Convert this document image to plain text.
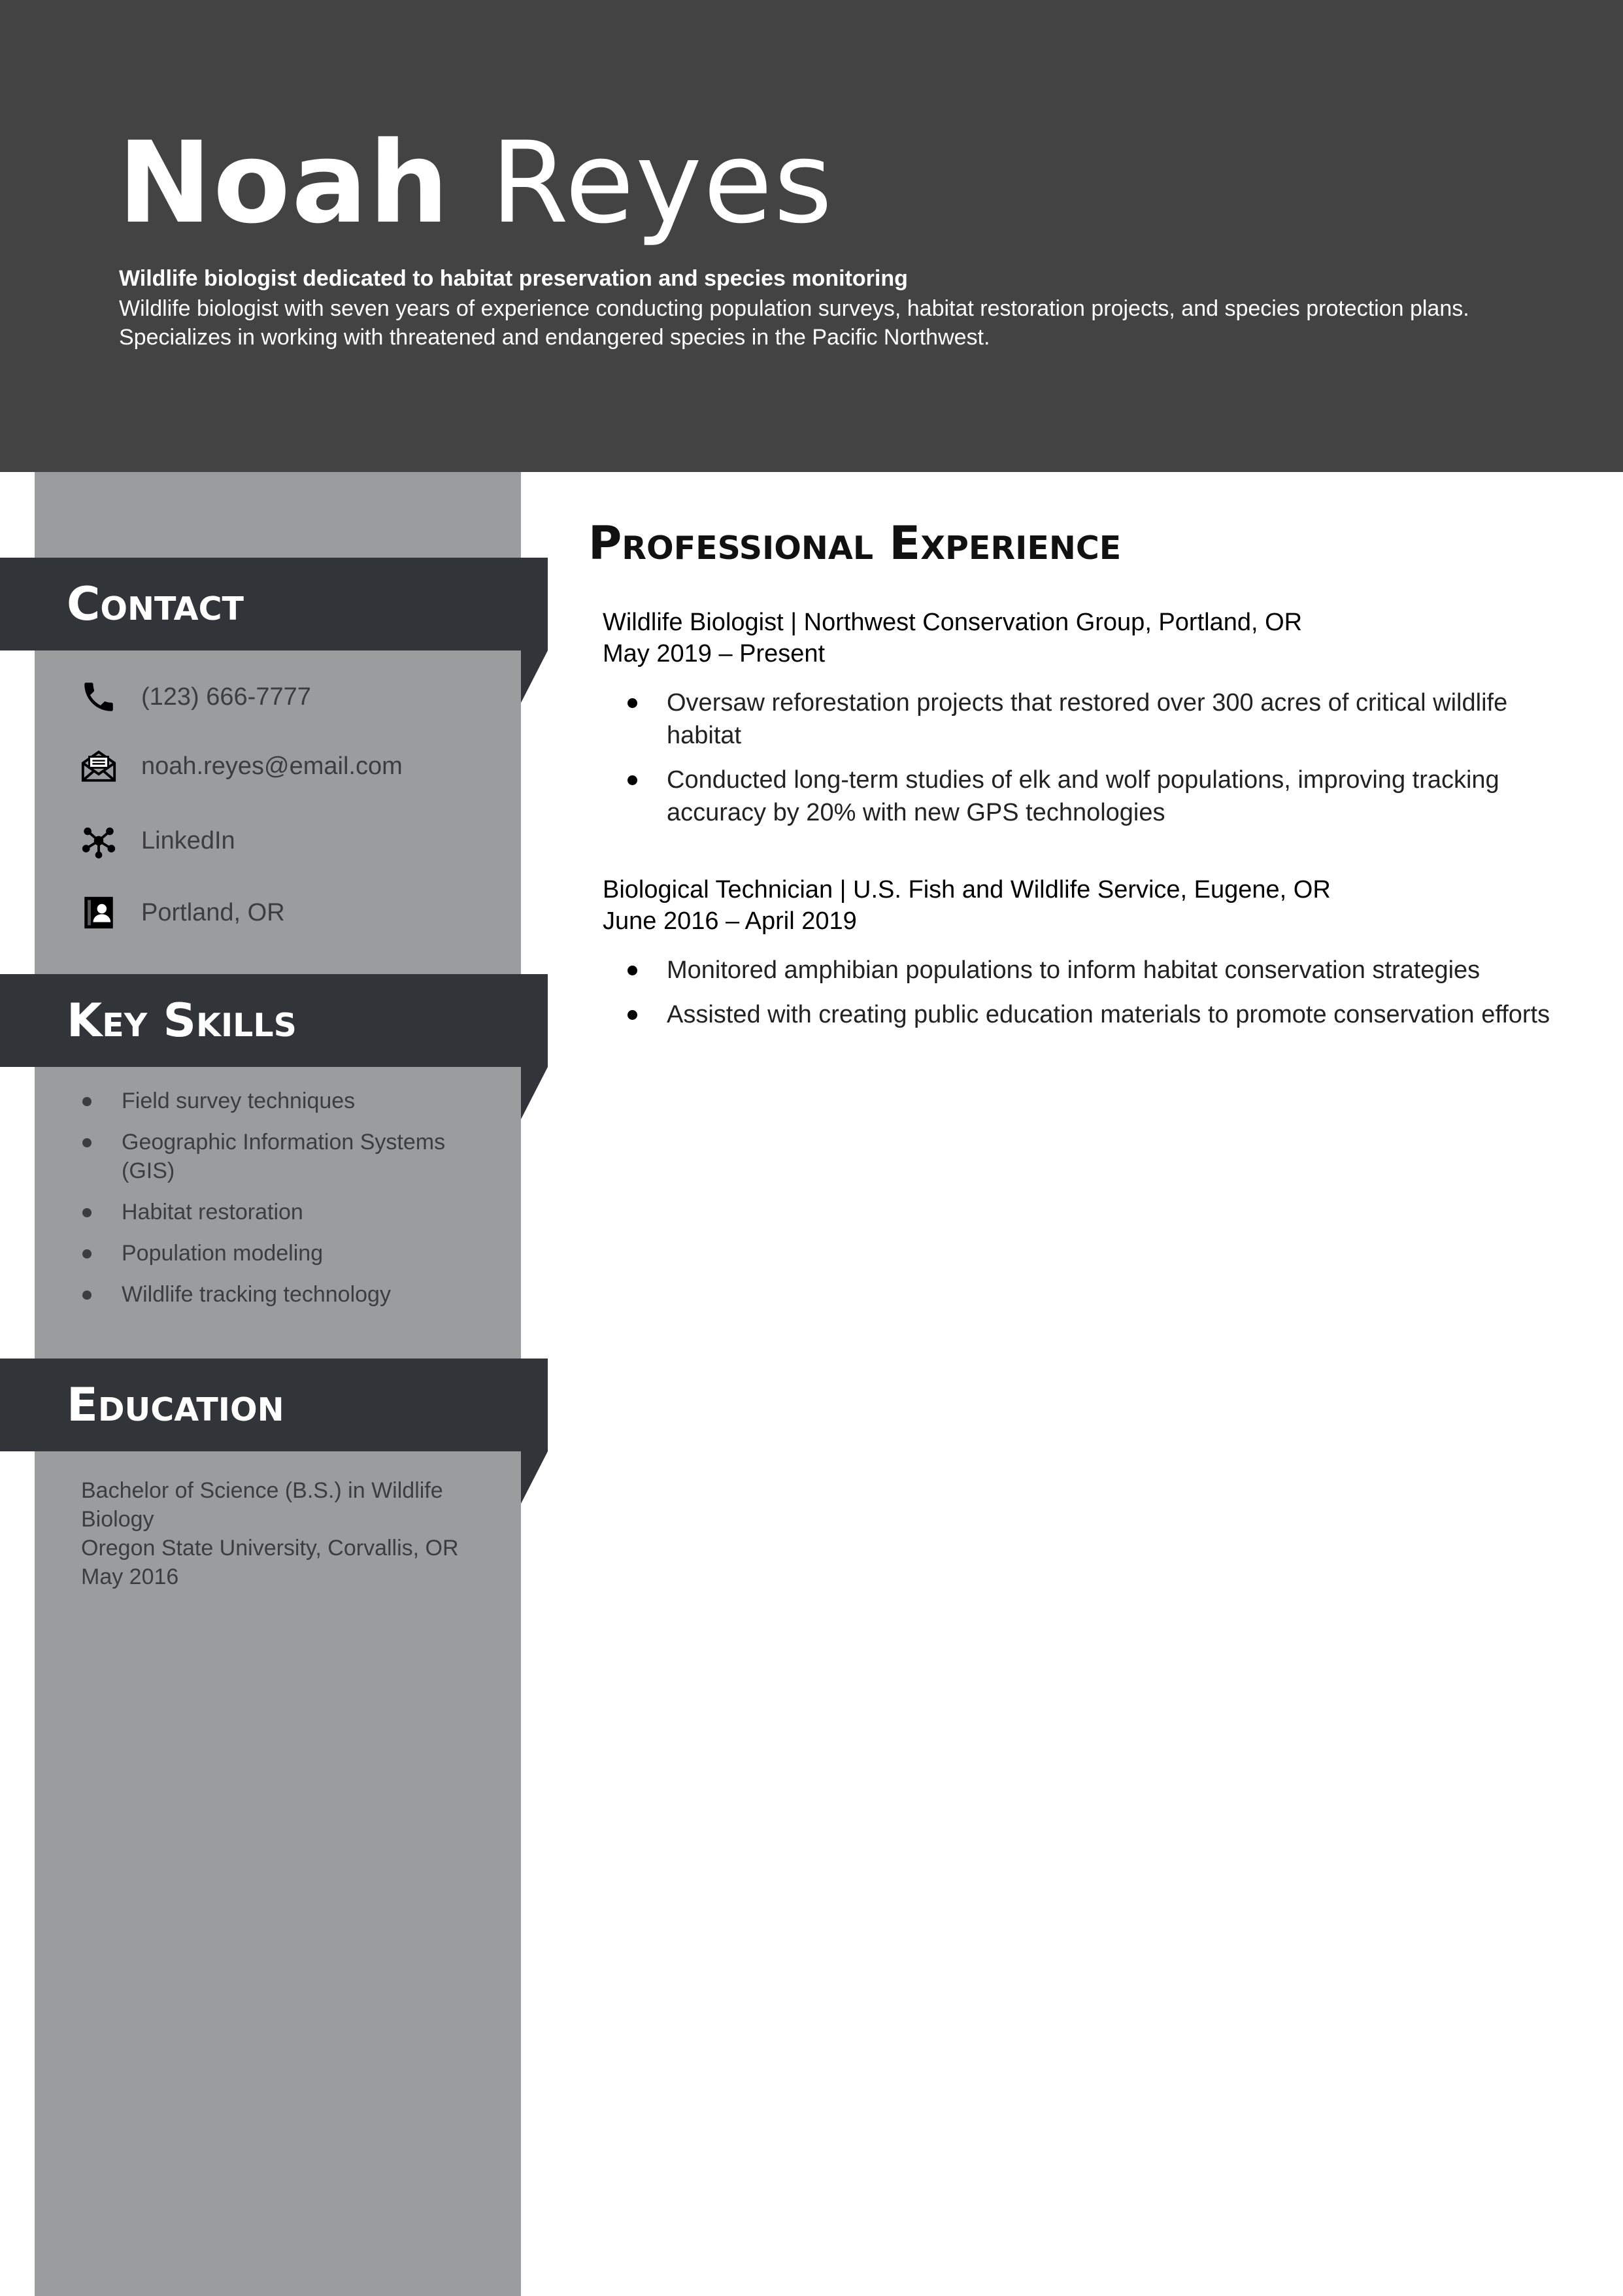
Noah Reyes
Wildlife biologist dedicated to habitat preservation and species monitoring
Wildlife biologist with seven years of experience conducting population surveys, habitat restoration projects, and species protection plans. Specializes in working with threatened and endangered species in the Pacific Northwest.
Contact
(123) 666-7777
noah.reyes@email.com
LinkedIn
Portland, OR
Key Skills
Field survey techniques
Geographic Information Systems (GIS)
Habitat restoration
Population modeling
Wildlife tracking technology
Education
Bachelor of Science (B.S.) in Wildlife Biology
Oregon State University, Corvallis, OR
May 2016
Professional Experience
Wildlife Biologist | Northwest Conservation Group, Portland, OR
May 2019 – Present
Oversaw reforestation projects that restored over 300 acres of critical wildlife habitat
Conducted long-term studies of elk and wolf populations, improving tracking accuracy by 20% with new GPS technologies
Biological Technician | U.S. Fish and Wildlife Service, Eugene, OR
June 2016 – April 2019
Monitored amphibian populations to inform habitat conservation strategies
Assisted with creating public education materials to promote conservation efforts
